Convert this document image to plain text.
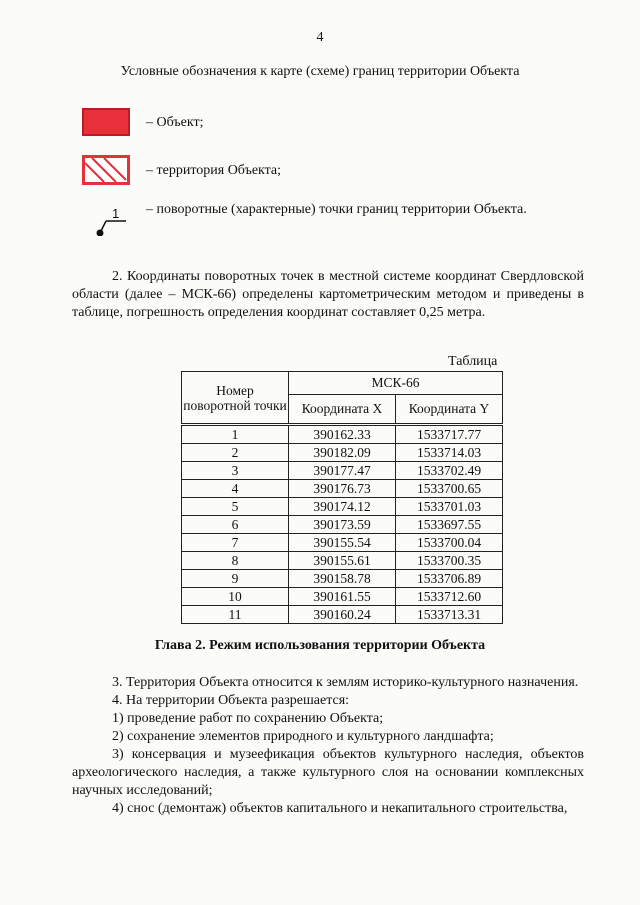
4
Условные обозначения к карте (схеме) границ территории Объекта
– Объект;
– территория Объекта;
1 – поворотные (характерные) точки границ территории Объекта.

2. Координаты поворотных точек в местной системе координат Свердловской области (далее – МСК-66) определены картометрическим методом и приведены в таблице, погрешность определения координат составляет 0,25 метра.

Таблица
Номер поворотной точки	МСК-66	
	Координата X	Координата Y
1	390162.33	1533717.77
2	390182.09	1533714.03
3	390177.47	1533702.49
4	390176.73	1533700.65
5	390174.12	1533701.03
6	390173.59	1533697.55
7	390155.54	1533700.04
8	390155.61	1533700.35
9	390158.78	1533706.89
10	390161.55	1533712.60
11	390160.24	1533713.31
Глава 2. Режим использования территории Объекта

3. Территория Объекта относится к землям историко-культурного назначения.

4. На территории Объекта разрешается:

1) проведение работ по сохранению Объекта;

2) сохранение элементов природного и культурного ландшафта;

3) консервация и музеефикация объектов культурного наследия, объектов археологического наследия, а также культурного слоя на основании комплексных научных исследований;

4) снос (демонтаж) объектов капитального и некапитального строительства,
